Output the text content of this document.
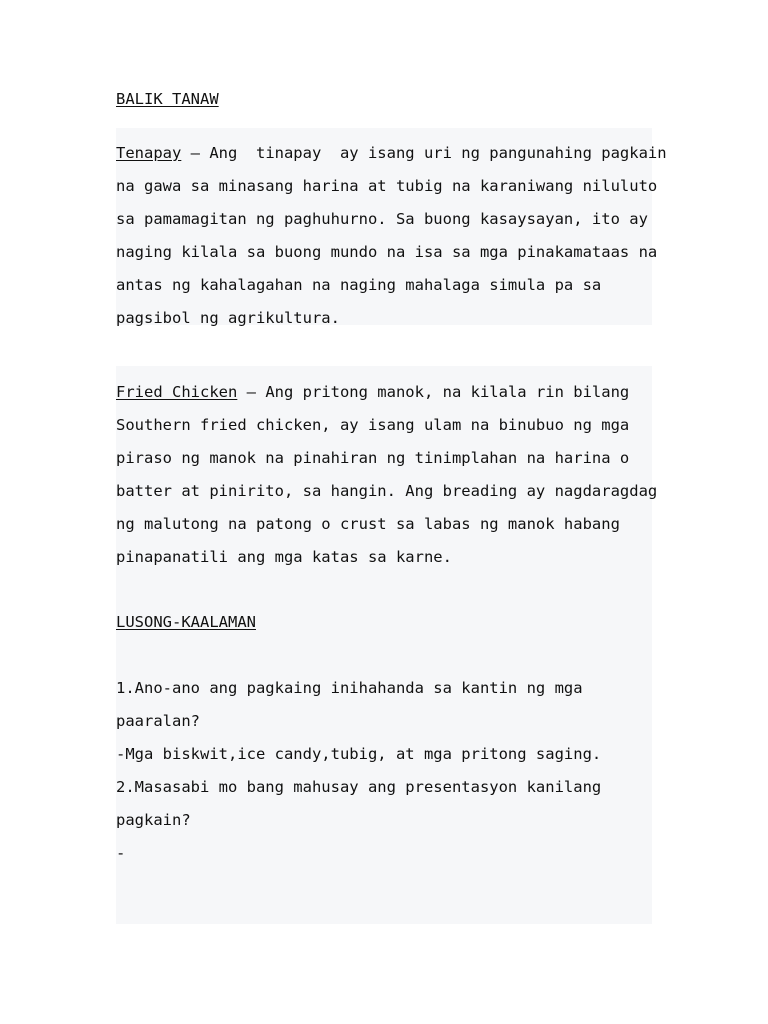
BALIK TANAW
Tenapay – Ang  tinapay  ay isang uri ng pangunahing pagkain
na gawa sa minasang harina at tubig na karaniwang niluluto
sa pamamagitan ng paghuhurno. Sa buong kasaysayan, ito ay
naging kilala sa buong mundo na isa sa mga pinakamataas na
antas ng kahalagahan na naging mahalaga simula pa sa
pagsibol ng agrikultura.
Fried Chicken – Ang pritong manok, na kilala rin bilang
Southern fried chicken, ay isang ulam na binubuo ng mga
piraso ng manok na pinahiran ng tinimplahan na harina o
batter at pinirito, sa hangin. Ang breading ay nagdaragdag
ng malutong na patong o crust sa labas ng manok habang
pinapanatili ang mga katas sa karne.
LUSONG-KAALAMAN
1.Ano-ano ang pagkaing inihahanda sa kantin ng mga
paaralan?
-Mga biskwit,ice candy,tubig, at mga pritong saging.
2.Masasabi mo bang mahusay ang presentasyon kanilang
pagkain?
-
